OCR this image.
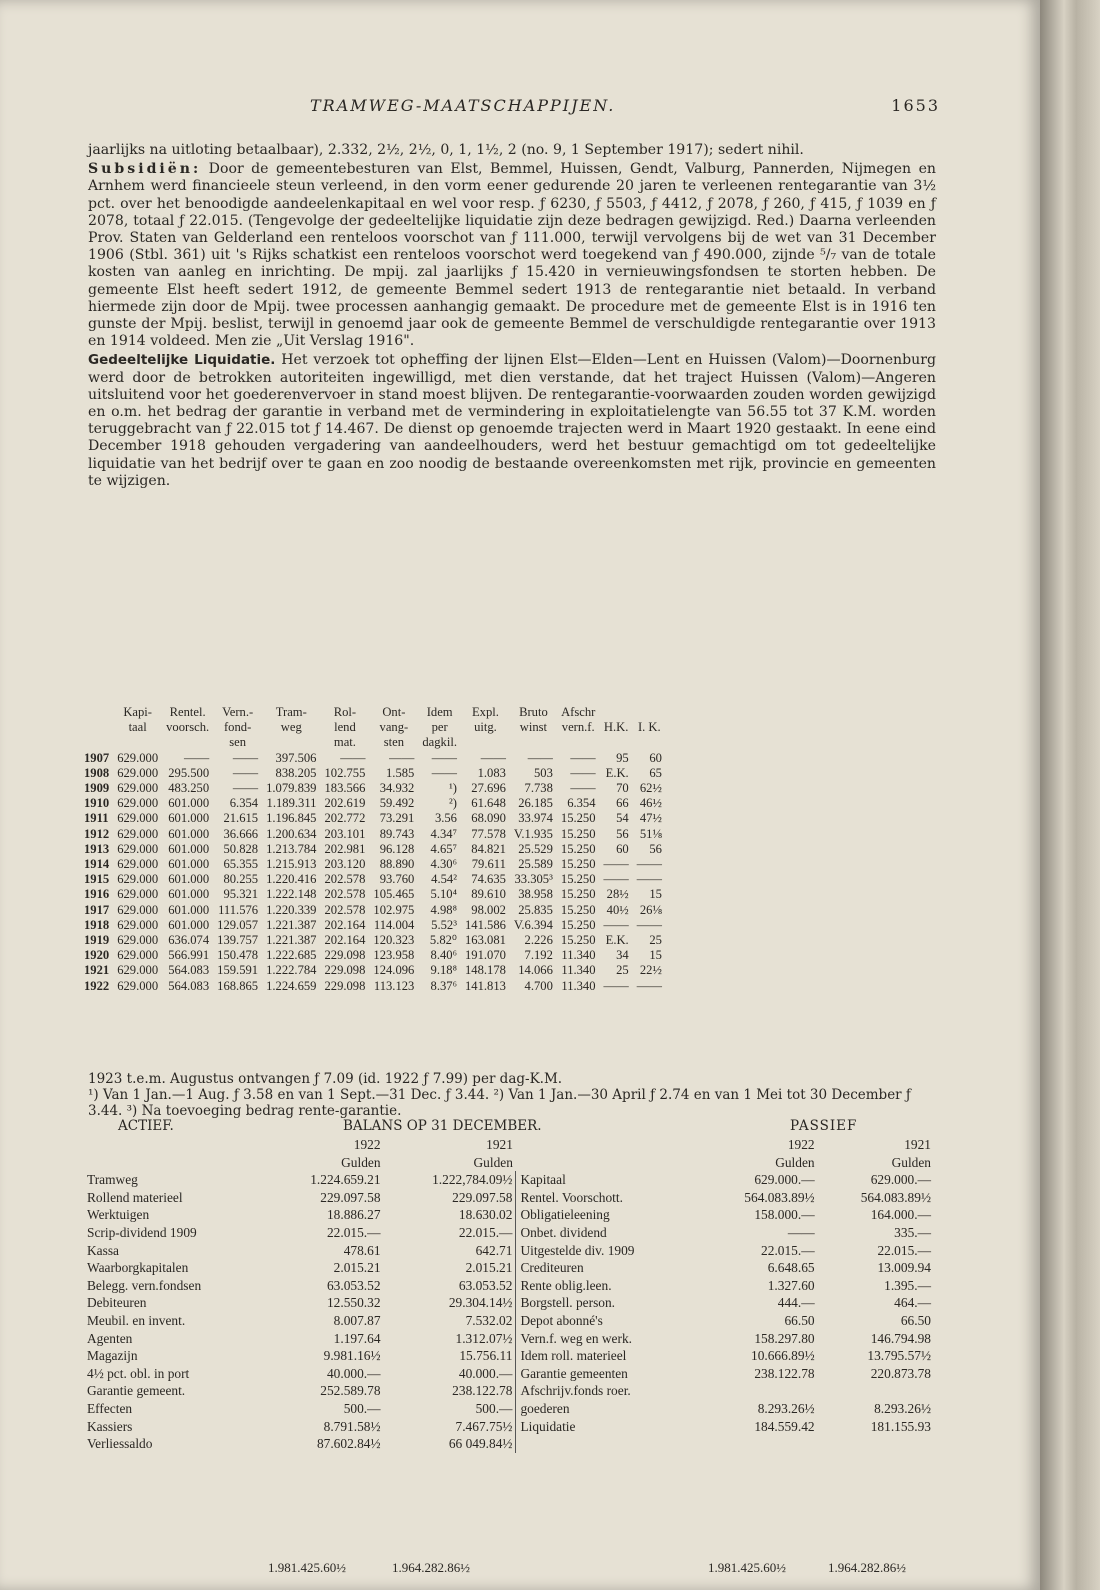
TRAMWEG-MAATSCHAPPIJEN.	1653

jaarlijks na uitloting betaalbaar), 2.332, 2½, 2½, 0, 1, 1½, 2 (no. 9, 1 September 1917); sedert nihil.

Subsidiën: Door de gemeentebesturen van Elst, Bemmel, Huissen, Gendt, Valburg, Pannerden, Nijmegen en Arnhem werd financieele steun verleend, in den vorm eener gedurende 20 jaren te verleenen rentegarantie van 3½ pct. over het benoodigde aandeelenkapitaal en wel voor resp. ƒ 6230, ƒ 5503, ƒ 4412, ƒ 2078, ƒ 260, ƒ 415, ƒ 1039 en ƒ 2078, totaal ƒ 22.015. (Tengevolge der gedeeltelijke liquidatie zijn deze bedragen gewijzigd. Red.) Daarna verleenden Prov. Staten van Gelderland een renteloos voorschot van ƒ 111.000, terwijl vervolgens bij de wet van 31 December 1906 (Stbl. 361) uit 's Rijks schatkist een renteloos voorschot werd toegekend van ƒ 490.000, zijnde ⁵/₇ van de totale kosten van aanleg en inrichting. De mpij. zal jaarlijks ƒ 15.420 in vernieuwingsfondsen te storten hebben. De gemeente Elst heeft sedert 1912, de gemeente Bemmel sedert 1913 de rentegarantie niet betaald. In verband hiermede zijn door de Mpij. twee processen aanhangig gemaakt. De procedure met de gemeente Elst is in 1916 ten gunste der Mpij. beslist, terwijl in genoemd jaar ook de gemeente Bemmel de verschuldigde rentegarantie over 1913 en 1914 voldeed. Men zie „Uit Verslag 1916".

Gedeeltelijke Liquidatie. Het verzoek tot opheffing der lijnen Elst—Elden—Lent en Huissen (Valom)—Doornenburg werd door de betrokken autoriteiten ingewilligd, met dien verstande, dat het traject Huissen (Valom)—Angeren uitsluitend voor het goederenvervoer in stand moest blijven. De rentegarantie-voorwaarden zouden worden gewijzigd en o.m. het bedrag der garantie in verband met de vermindering in exploitatielengte van 56.55 tot 37 K.M. worden teruggebracht van ƒ 22.015 tot ƒ 14.467. De dienst op genoemde trajecten werd in Maart 1920 gestaakt. In eene eind December 1918 gehouden vergadering van aandeelhouders, werd het bestuur gemachtigd om tot gedeeltelijke liquidatie van het bedrijf over te gaan en zoo noodig de bestaande overeenkomsten met rijk, provincie en gemeenten te wijzigen.

	Kapi-	Rentel.	Vern.-	Tram-	Rol-	Ont-	Idem	Expl.	Bruto	Afschr		
	taal	voorsch.	fond-	weg	lend	vang-	per	uitg.	winst	vern.f.	H.K.	I. K.
			sen		mat.	sten	dagkil.					
1907	629.000	——	——	397.506	——	——	——	——	——	——	95	60
1908	629.000	295.500	——	838.205	102.755	1.585	——	1.083	503	——	E.K.	65
1909	629.000	483.250	——	1.079.839	183.566	34.932	¹)	27.696	7.738	——	70	62½
1910	629.000	601.000	6.354	1.189.311	202.619	59.492	²)	61.648	26.185	6.354	66	46½
1911	629.000	601.000	21.615	1.196.845	202.772	73.291	3.56	68.090	33.974	15.250	54	47½
1912	629.000	601.000	36.666	1.200.634	203.101	89.743	4.34⁷	77.578	V.1.935	15.250	56	51⅛
1913	629.000	601.000	50.828	1.213.784	202.981	96.128	4.65⁷	84.821	25.529	15.250	60	56
1914	629.000	601.000	65.355	1.215.913	203.120	88.890	4.30⁶	79.611	25.589	15.250	——	——
1915	629.000	601.000	80.255	1.220.416	202.578	93.760	4.54²	74.635	33.305³	15.250	——	——
1916	629.000	601.000	95.321	1.222.148	202.578	105.465	5.10⁴	89.610	38.958	15.250	28½	15
1917	629.000	601.000	111.576	1.220.339	202.578	102.975	4.98⁸	98.002	25.835	15.250	40½	26⅛
1918	629.000	601.000	129.057	1.221.387	202.164	114.004	5.52³	141.586	V.6.394	15.250	——	——
1919	629.000	636.074	139.757	1.221.387	202.164	120.323	5.82⁰	163.081	2.226	15.250	E.K.	25
1920	629.000	566.991	150.478	1.222.685	229.098	123.958	8.40⁶	191.070	7.192	11.340	34	15
1921	629.000	564.083	159.591	1.222.784	229.098	124.096	9.18⁸	148.178	14.066	11.340	25	22½
1922	629.000	564.083	168.865	1.224.659	229.098	113.123	8.37⁶	141.813	4.700	11.340	——	——
1923 t.e.m. Augustus ontvangen ƒ 7.09 (id. 1922 ƒ 7.99) per dag-K.M.
¹) Van 1 Jan.—1 Aug. ƒ 3.58 en van 1 Sept.—31 Dec. ƒ 3.44. ²) Van 1 Jan.—30 April ƒ 2.74 en van 1 Mei tot 30 December ƒ 3.44. ³) Na toevoeging bedrag rente-garantie.
ACTIEF.	BALANS OP 31 DECEMBER.	PASSIEF
	1922	1921		1922	1921
	Gulden	Gulden		Gulden	Gulden
Tramweg	1.224.659.21	1.222,784.09½	Kapitaal	629.000.—	629.000.—
Rollend materieel	229.097.58	229.097.58	Rentel. Voorschott.	564.083.89½	564.083.89½
Werktuigen	18.886.27	18.630.02	Obligatieleening	158.000.—	164.000.—
Scrip-dividend 1909	22.015.—	22.015.—	Onbet. dividend	——	335.—
Kassa	478.61	642.71	Uitgestelde div. 1909	22.015.—	22.015.—
Waarborgkapitalen	2.015.21	2.015.21	Crediteuren	6.648.65	13.009.94
Belegg. vern.fondsen	63.053.52	63.053.52	Rente oblig.leen.	1.327.60	1.395.—
Debiteuren	12.550.32	29.304.14½	Borgstell. person.	444.—	464.—
Meubil. en invent.	8.007.87	7.532.02	Depot abonné's	66.50	66.50
Agenten	1.197.64	1.312.07½	Vern.f. weg en werk.	158.297.80	146.794.98
Magazijn	9.981.16½	15.756.11	Idem roll. materieel	10.666.89½	13.795.57½
4½ pct. obl. in port	40.000.—	40.000.—	Garantie gemeenten	238.122.78	220.873.78
Garantie gemeent.	252.589.78	238.122.78	Afschrijv.fonds roer.		
Effecten	500.—	500.—	goederen	8.293.26½	8.293.26½
Kassiers	8.791.58½	7.467.75½	Liquidatie	184.559.42	181.155.93
Verliessaldo	87.602.84½	66 049.84½			
1.981.425.60½	1.964.282.86½	1.981.425.60½	1.964.282.86½
